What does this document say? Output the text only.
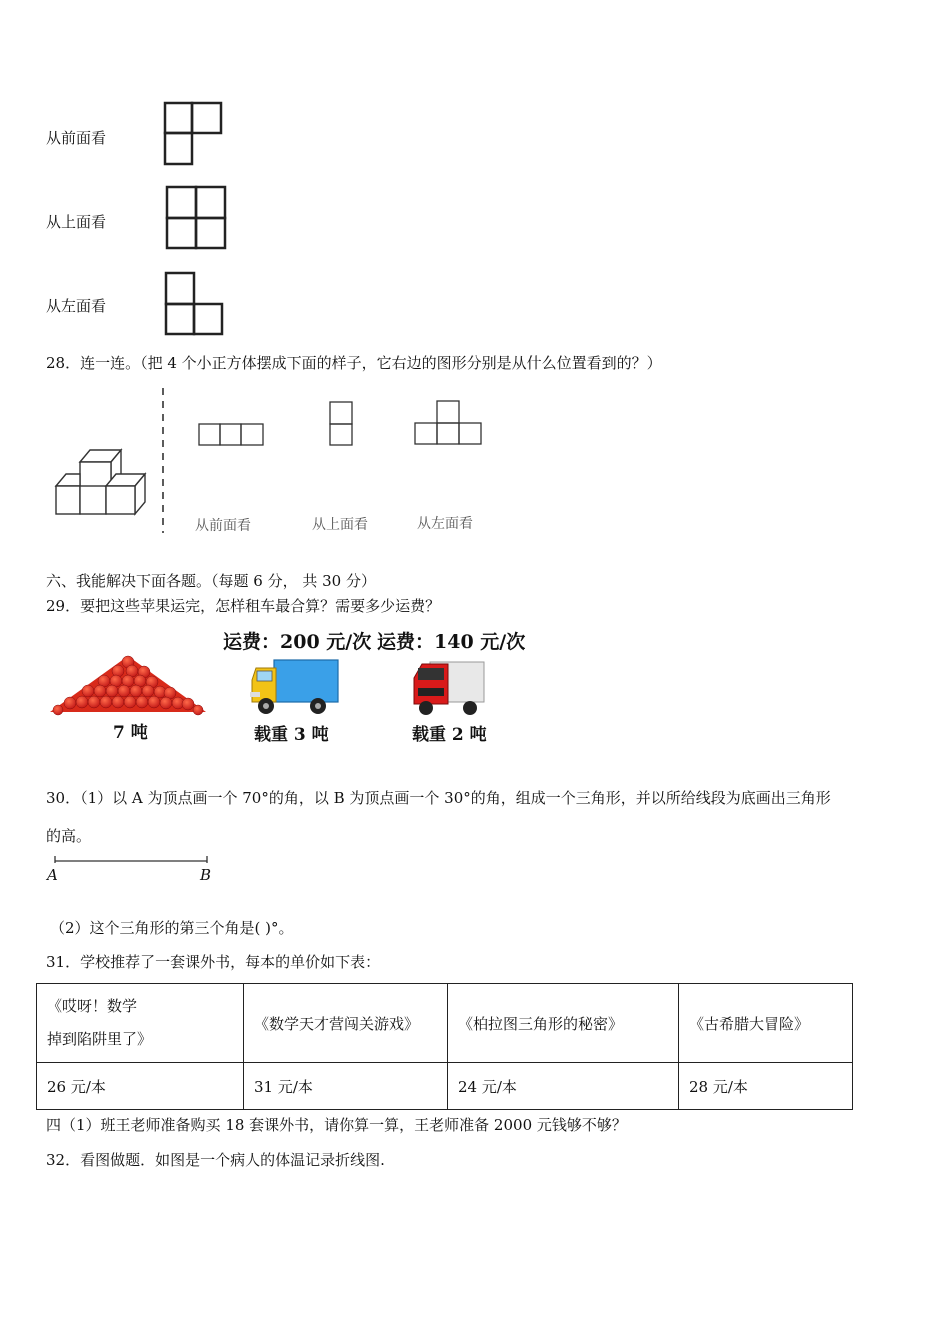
从前面看
从上面看
从左面看
28．连一连。（把 4 个小正方体摆成下面的样子，它右边的图形分别是从什么位置看到的？）
从前面看	从上面看	从左面看
六、我能解决下面各题。（每题 6 分， 共 30 分）
29．要把这些苹果运完，怎样租车最合算？需要多少运费？
运费：200 元/次 运费：140 元/次
7 吨	载重 3 吨	载重 2 吨
30．（1）以 A 为顶点画一个 70°的角，以 B 为顶点画一个 30°的角，组成一个三角形，并以所给线段为底画出三角形
的高。
A	B
（2）这个三角形的第三个角是( )°。
31．学校推荐了一套课外书，每本的单价如下表：
《哎呀！数学
掉到陷阱里了》	《数学天才营闯关游戏》	《柏拉图三角形的秘密》	《古希腊大冒险》
26 元/本	31 元/本	24 元/本	28 元/本
四（1）班王老师准备购买 18 套课外书，请你算一算，王老师准备 2000 元钱够不够？
32．看图做题．如图是一个病人的体温记录折线图.
